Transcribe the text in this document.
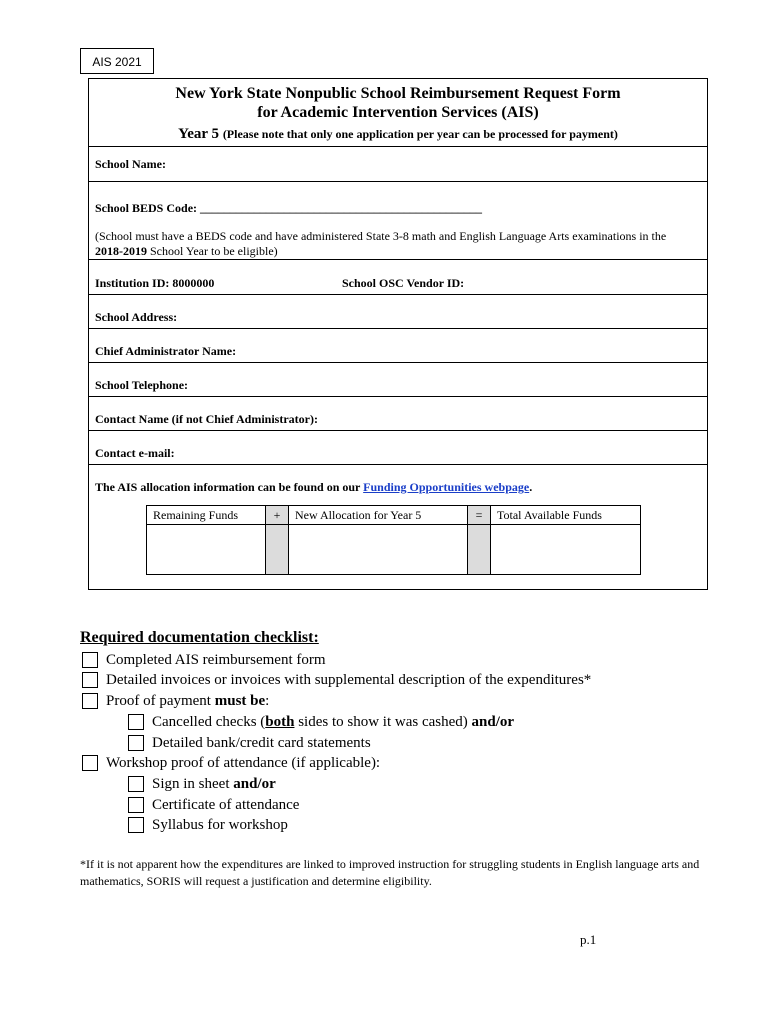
AIS 2021
New York State Nonpublic School Reimbursement Request Form
for Academic Intervention Services (AIS)
Year 5 (Please note that only one application per year can be processed for payment)
School Name:
School BEDS Code: _______________________________________________
(School must have a BEDS code and have administered State 3-8 math and English Language Arts examinations in the 2018-2019 School Year to be eligible)
Institution ID: 8000000	School OSC Vendor ID:
School Address:
Chief Administrator Name:
School Telephone:
Contact Name (if not Chief Administrator):
Contact e-mail:
The AIS allocation information can be found on our Funding Opportunities webpage.
Remaining Funds	+	New Allocation for Year 5	=	Total Available Funds

Required documentation checklist:
Completed AIS reimbursement form
Detailed invoices or invoices with supplemental description of the expenditures*
Proof of payment must be:
Cancelled checks (both sides to show it was cashed) and/or
Detailed bank/credit card statements
Workshop proof of attendance (if applicable):
Sign in sheet and/or
Certificate of attendance
Syllabus for workshop
*If it is not apparent how the expenditures are linked to improved instruction for struggling students in English language arts and mathematics, SORIS will request a justification and determine eligibility.
p.1
